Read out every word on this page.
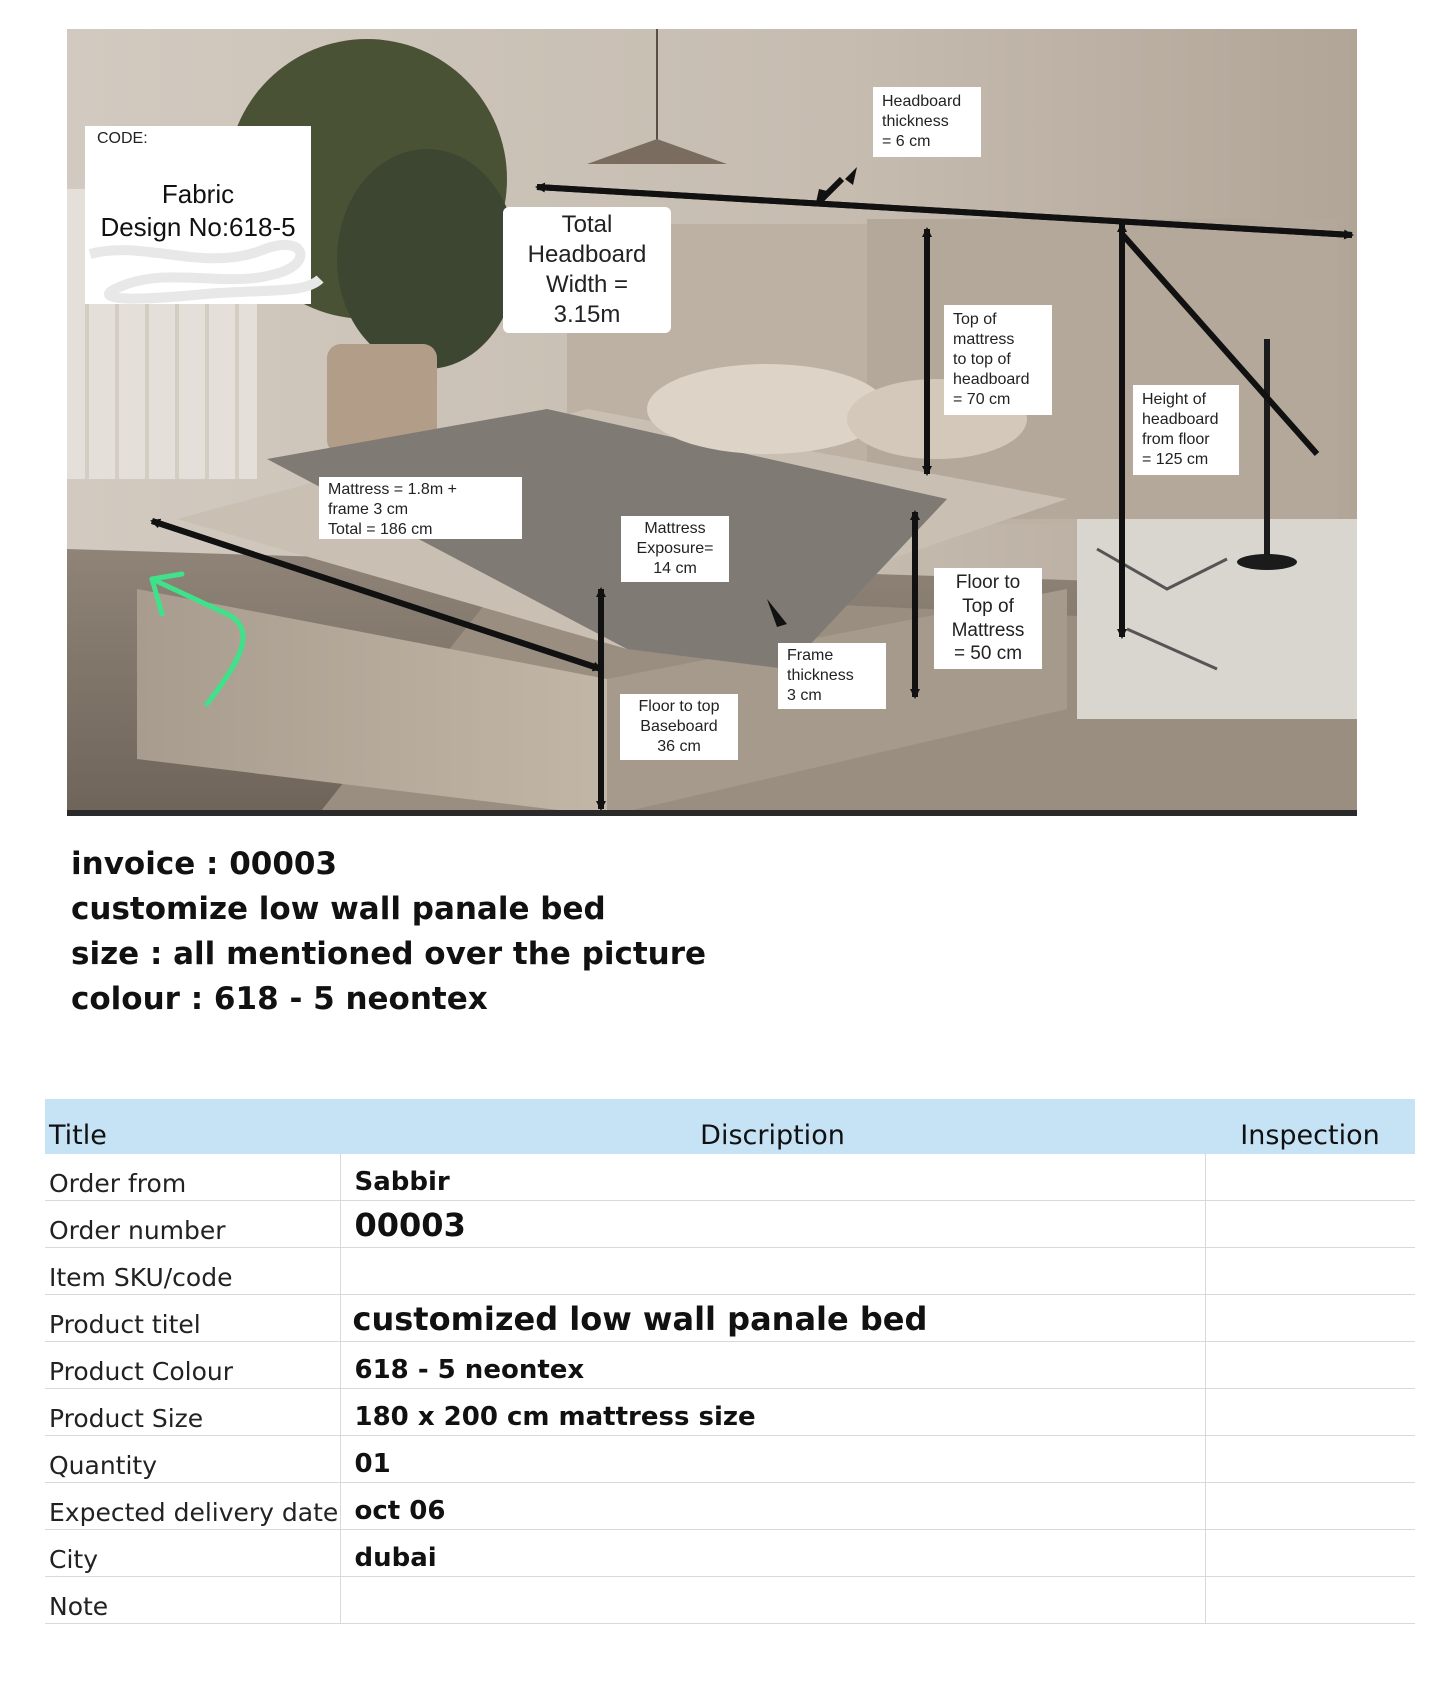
Headboard
thickness
= 6 cm
Total
Headboard
Width = 3.15m	Top of
mattress
to top of
headboard
= 70 cm	Height of
headboard
from floor
= 125 cm
Mattress = 1.8m +
frame 3 cm
Total = 186 cm	Mattress
Exposure=
14 cm
Floor to
Top of
Mattress
= 50 cm
Frame
thickness
3 cm
Floor to top
Baseboard
36 cm
CODE:
Fabric
Design No:618-5
invoice : 00003
customize low wall panale bed
size : all mentioned over the picture
colour : 618 - 5 neontex
Title	Discription	Inspection
Order from	Sabbir	
Order number	00003	
Item SKU/code		
Product titel	customized low wall panale bed	
Product Colour	618 - 5 neontex	
Product Size	180 x 200 cm mattress size	
Quantity	01	
Expected delivery date	oct 06	
City	dubai	
Note		
